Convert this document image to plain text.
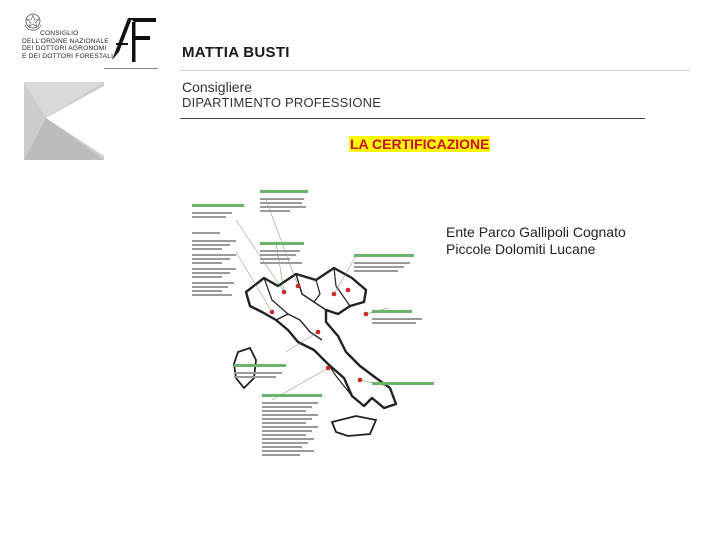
CONSIGLIO
DELL'ORDINE NAZIONALE
DEI DOTTORI AGRONOMI
E DEI DOTTORI FORESTALI	MATTIA BUSTI
Consigliere
DIPARTIMENTO PROFESSIONE
LA CERTIFICAZIONE
Ente Parco Gallipoli Cognato
Piccole Dolomiti Lucane
